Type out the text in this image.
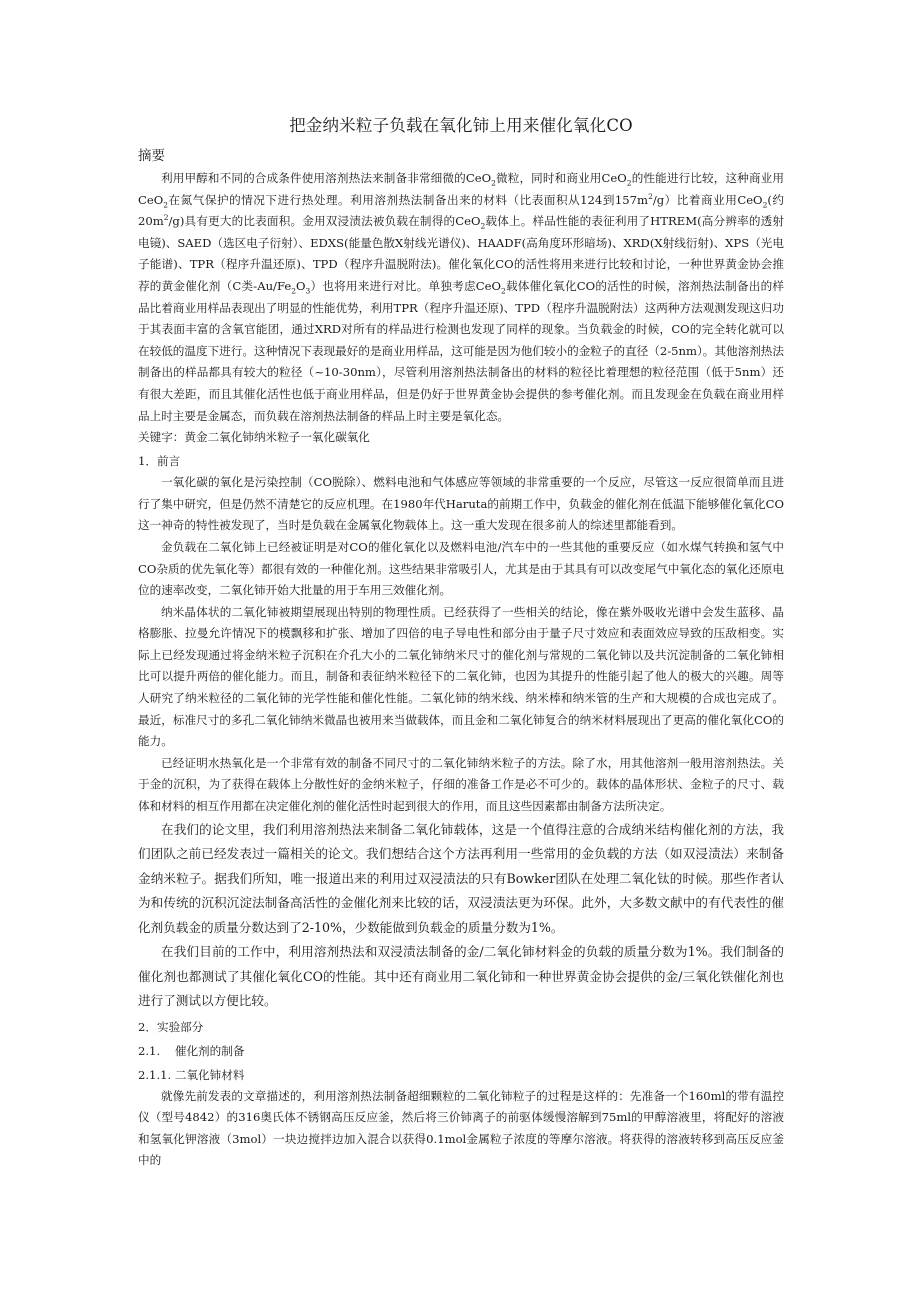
把金纳米粒子负载在氧化铈上用来催化氧化CO
摘要

利用甲醇和不同的合成条件使用溶剂热法来制备非常细微的CeO$_2$微粒，同时和商业用CeO$_2$的性能进行比较，这种商业用CeO$_2$在氮气保护的情况下进行热处理。利用溶剂热法制备出来的材料（比表面积从124到$157m^2/g$）比着商业用CeO$_2$(约$20m^2/g$)具有更大的比表面积。金用双浸渍法被负载在制得的CeO$_2$载体上。样品性能的表征利用了HTREM(高分辨率的透射电镜)、SAED（选区电子衍射）、EDXS(能量色散X射线光谱仪)、HAADF(高角度环形暗场)、XRD(X射线衍射)、XPS（光电子能谱)、TPR（程序升温还原)、TPD（程序升温脱附法)。催化氧化CO的活性将用来进行比较和讨论，一种世界黄金协会推荐的黄金催化剂（C类$-Au/Fe_2O_3$）也将用来进行对比。单独考虑CeO$_2$载体催化氧化CO的活性的时候，溶剂热法制备出的样品比着商业用样品表现出了明显的性能优势，利用TPR（程序升温还原)、TPD（程序升温脱附法）这两种方法观测发现这归功于其表面丰富的含氧官能团，通过XRD对所有的样品进行检测也发现了同样的现象。当负载金的时候，CO的完全转化就可以在较低的温度下进行。这种情况下表现最好的是商业用样品，这可能是因为他们较小的金粒子的直径（2-5nm）。其他溶剂热法制备出的样品都具有较大的粒径（~10-30nm），尽管利用溶剂热法制备出的材料的粒径比着理想的粒径范围（低于5nm）还有很大差距，而且其催化活性也低于商业用样品，但是仍好于世界黄金协会提供的参考催化剂。而且发现金在负载在商业用样品上时主要是金属态，而负载在溶剂热法制备的样品上时主要是氧化态。

关键字：黄金二氧化铈纳米粒子一氧化碳氧化

1．前言

一氧化碳的氧化是污染控制（CO脱除）、燃料电池和气体感应等领域的非常重要的一个反应，尽管这一反应很简单而且进行了集中研究，但是仍然不清楚它的反应机理。在1980年代Haruta的前期工作中，负载金的催化剂在低温下能够催化氧化CO这一神奇的特性被发现了，当时是负载在金属氧化物载体上。这一重大发现在很多前人的综述里都能看到。

金负载在二氧化铈上已经被证明是对CO的催化氧化以及燃料电池/汽车中的一些其他的重要反应（如水煤气转换和氢气中CO杂质的优先氧化等）都很有效的一种催化剂。这些结果非常吸引人，尤其是由于其具有可以改变尾气中氧化态的氧化还原电位的速率改变，二氧化铈开始大批量的用于车用三效催化剂。

纳米晶体状的二氧化铈被期望展现出特别的物理性质。已经获得了一些相关的结论，像在紫外吸收光谱中会发生蓝移、晶格膨胀、拉曼允许情况下的模飘移和扩张、增加了四倍的电子导电性和部分由于量子尺寸效应和表面效应导致的压敌相变。实际上已经发现通过将金纳米粒子沉积在介孔大小的二氧化铈纳米尺寸的催化剂与常规的二氧化铈以及共沉淀制备的二氧化铈相比可以提升两倍的催化能力。而且，制备和表征纳米粒径下的二氧化铈，也因为其提升的性能引起了他人的极大的兴趣。周等人研究了纳米粒径的二氧化铈的光学性能和催化性能。二氧化铈的纳米线、纳米棒和纳米管的生产和大规模的合成也完成了。最近，标准尺寸的多孔二氧化铈纳米微晶也被用来当做载体，而且金和二氧化铈复合的纳米材料展现出了更高的催化氧化CO的能力。

已经证明水热氧化是一个非常有效的制备不同尺寸的二氧化铈纳米粒子的方法。除了水，用其他溶剂一般用溶剂热法。关于金的沉积，为了获得在载体上分散性好的金纳米粒子，仔细的准备工作是必不可少的。载体的晶体形状、金粒子的尺寸、载体和材料的相互作用都在决定催化剂的催化活性时起到很大的作用，而且这些因素都由制备方法所决定。

在我们的论文里，我们利用溶剂热法来制备二氧化铈载体，这是一个值得注意的合成纳米结构催化剂的方法，我们团队之前已经发表过一篇相关的论文。我们想结合这个方法再利用一些常用的金负载的方法（如双浸渍法）来制备金纳米粒子。据我们所知，唯一报道出来的利用过双浸渍法的只有Bowker团队在处理二氧化钛的时候。那些作者认为和传统的沉积沉淀法制备高活性的金催化剂来比较的话，双浸渍法更为环保。此外，大多数文献中的有代表性的催化剂负载金的质量分数达到了2-10%，少数能做到负载金的质量分数为1%。

在我们目前的工作中，利用溶剂热法和双浸渍法制备的金/二氧化铈材料金的负载的质量分数为1%。我们制备的催化剂也都测试了其催化氧化CO的性能。其中还有商业用二氧化铈和一种世界黄金协会提供的金/三氧化铁催化剂也进行了测试以方便比较。

2．实验部分

2.1.    催化剂的制备

2.1.1. 二氧化铈材料

就像先前发表的文章描述的，利用溶剂热法制备超细颗粒的二氧化铈粒子的过程是这样的：先准备一个160ml的带有温控仪（型号4842）的316奥氏体不锈钢高压反应釜，然后将三价铈离子的前驱体缓慢溶解到75ml的甲醇溶液里，将配好的溶液和氢氧化钾溶液（3mol）一块边搅拌边加入混合以获得0.1mol金属粒子浓度的等摩尔溶液。将获得的溶液转移到高压反应釜中的
